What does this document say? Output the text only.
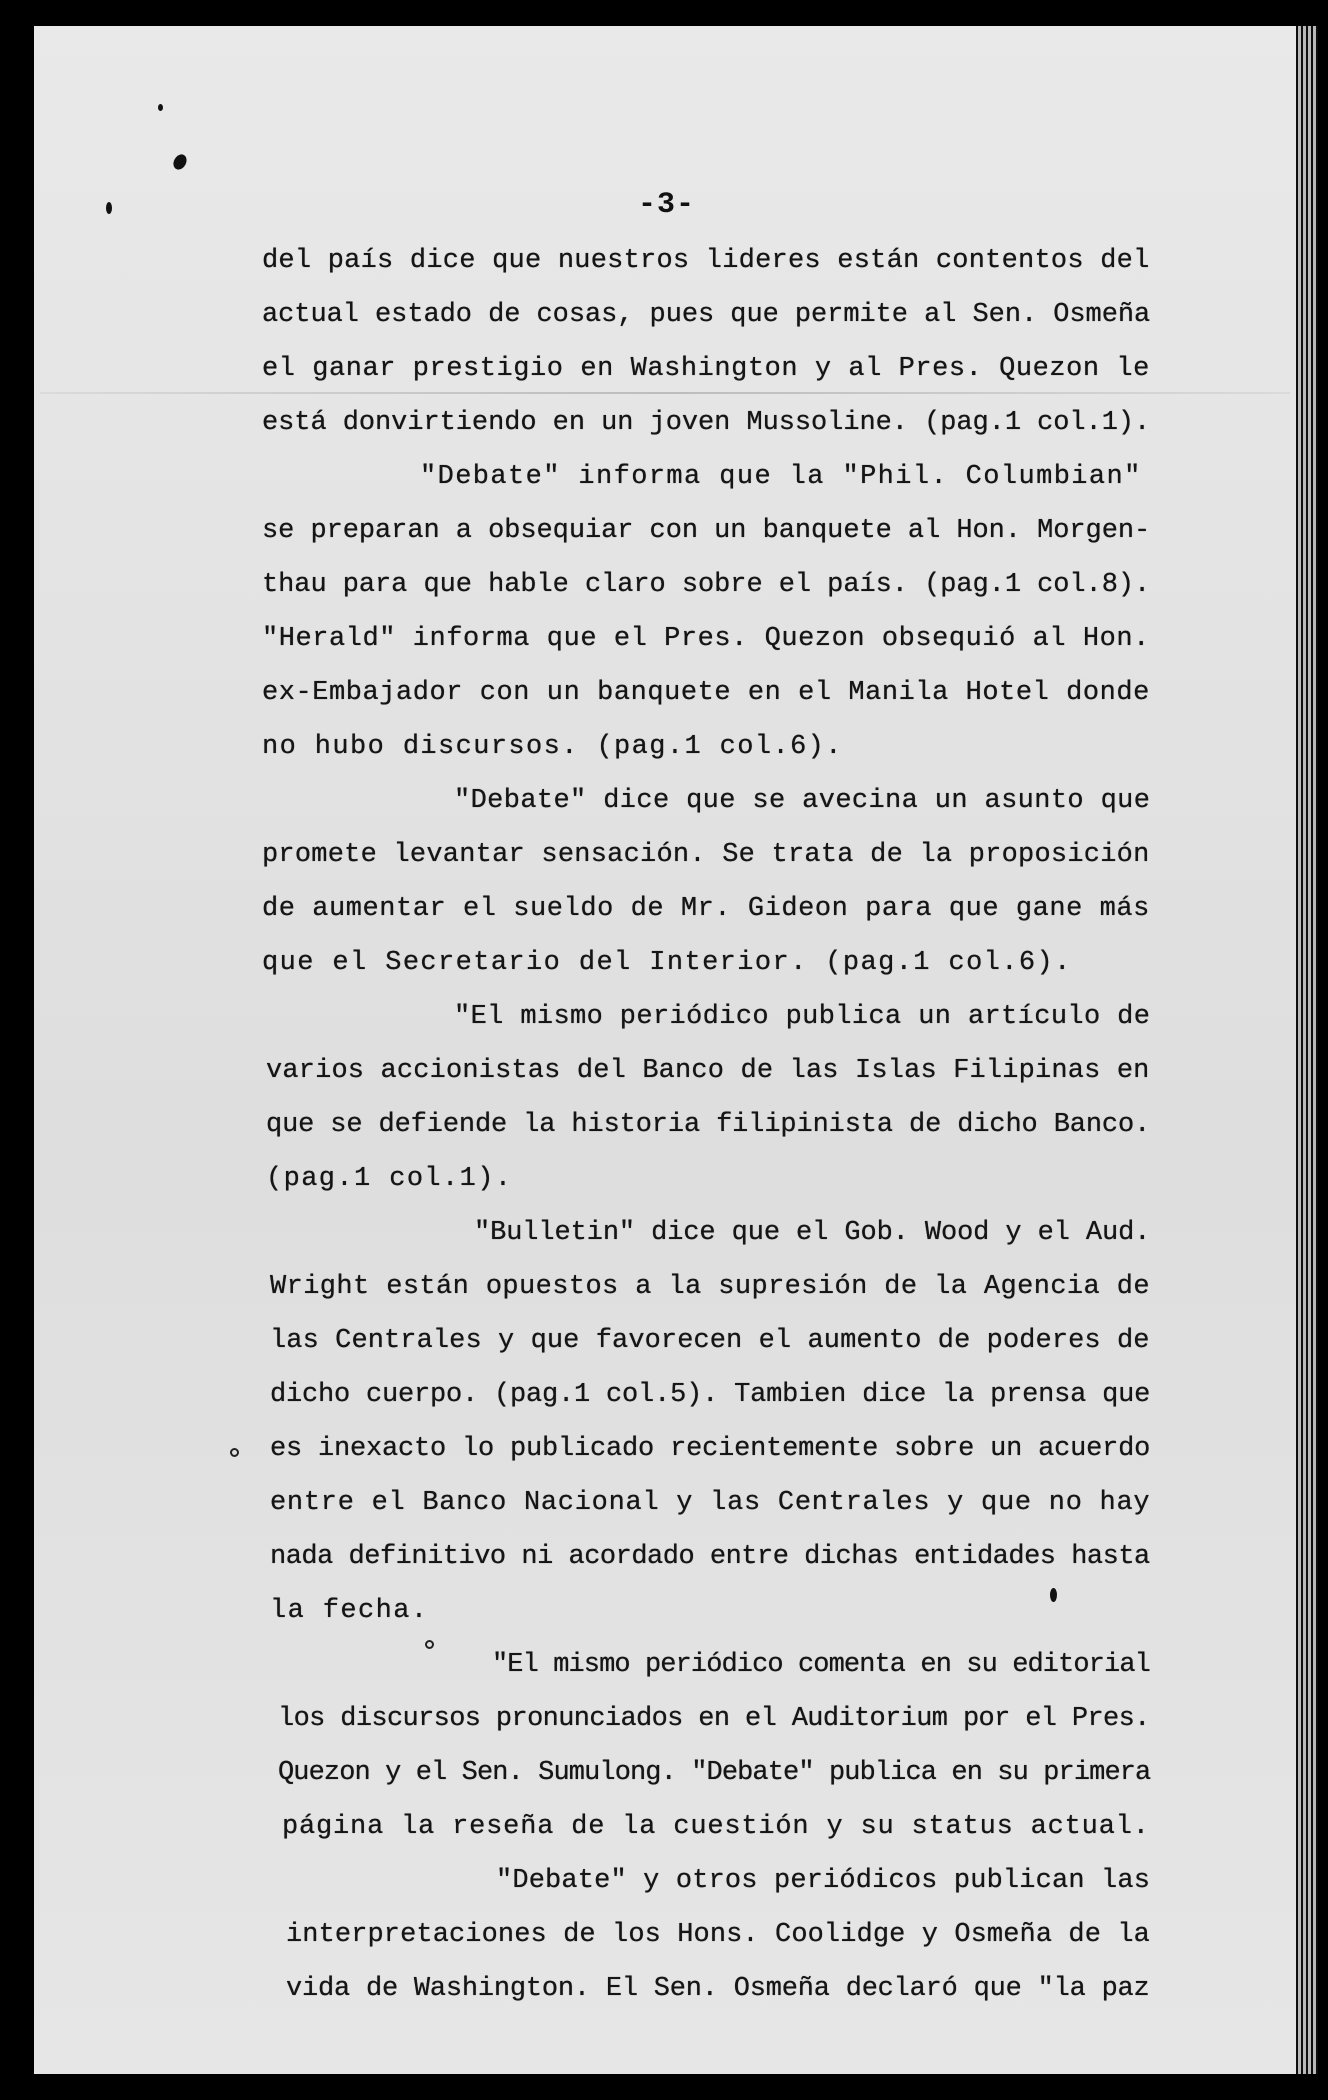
-3-
del país dice que nuestros lideres están contentos del
actual estado de cosas, pues que permite al Sen. Osmeña
el ganar prestigio en Washington y al Pres. Quezon le
está donvirtiendo en un joven Mussoline. (pag.1 col.1).
"Debate" informa que la "Phil. Columbian"
se preparan a obsequiar con un banquete al Hon. Morgen-
thau para que hable claro sobre el país. (pag.1 col.8).
"Herald" informa que el Pres. Quezon obsequió al Hon.
ex-Embajador con un banquete en el Manila Hotel donde
no hubo discursos. (pag.1 col.6).
"Debate" dice que se avecina un asunto que
promete levantar sensación. Se trata de la proposición
de aumentar el sueldo de Mr. Gideon para que gane más
que el Secretario del Interior. (pag.1 col.6).
"El mismo periódico publica un artículo de
varios accionistas del Banco de las Islas Filipinas en
que se defiende la historia filipinista de dicho Banco.
(pag.1 col.1).
"Bulletin" dice que el Gob. Wood y el Aud.
Wright están opuestos a la supresión de la Agencia de
las Centrales y que favorecen el aumento de poderes de
dicho cuerpo. (pag.1 col.5). Tambien dice la prensa que
es inexacto lo publicado recientemente sobre un acuerdo
entre el Banco Nacional y las Centrales y que no hay
nada definitivo ni acordado entre dichas entidades hasta
la fecha.
"El mismo periódico comenta en su editorial
los discursos pronunciados en el Auditorium por el Pres.
Quezon y el Sen. Sumulong. "Debate" publica en su primera
página la reseña de la cuestión y su status actual.
"Debate" y otros periódicos publican las
interpretaciones de los Hons. Coolidge y Osmeña de la
vida de Washington. El Sen. Osmeña declaró que "la paz
